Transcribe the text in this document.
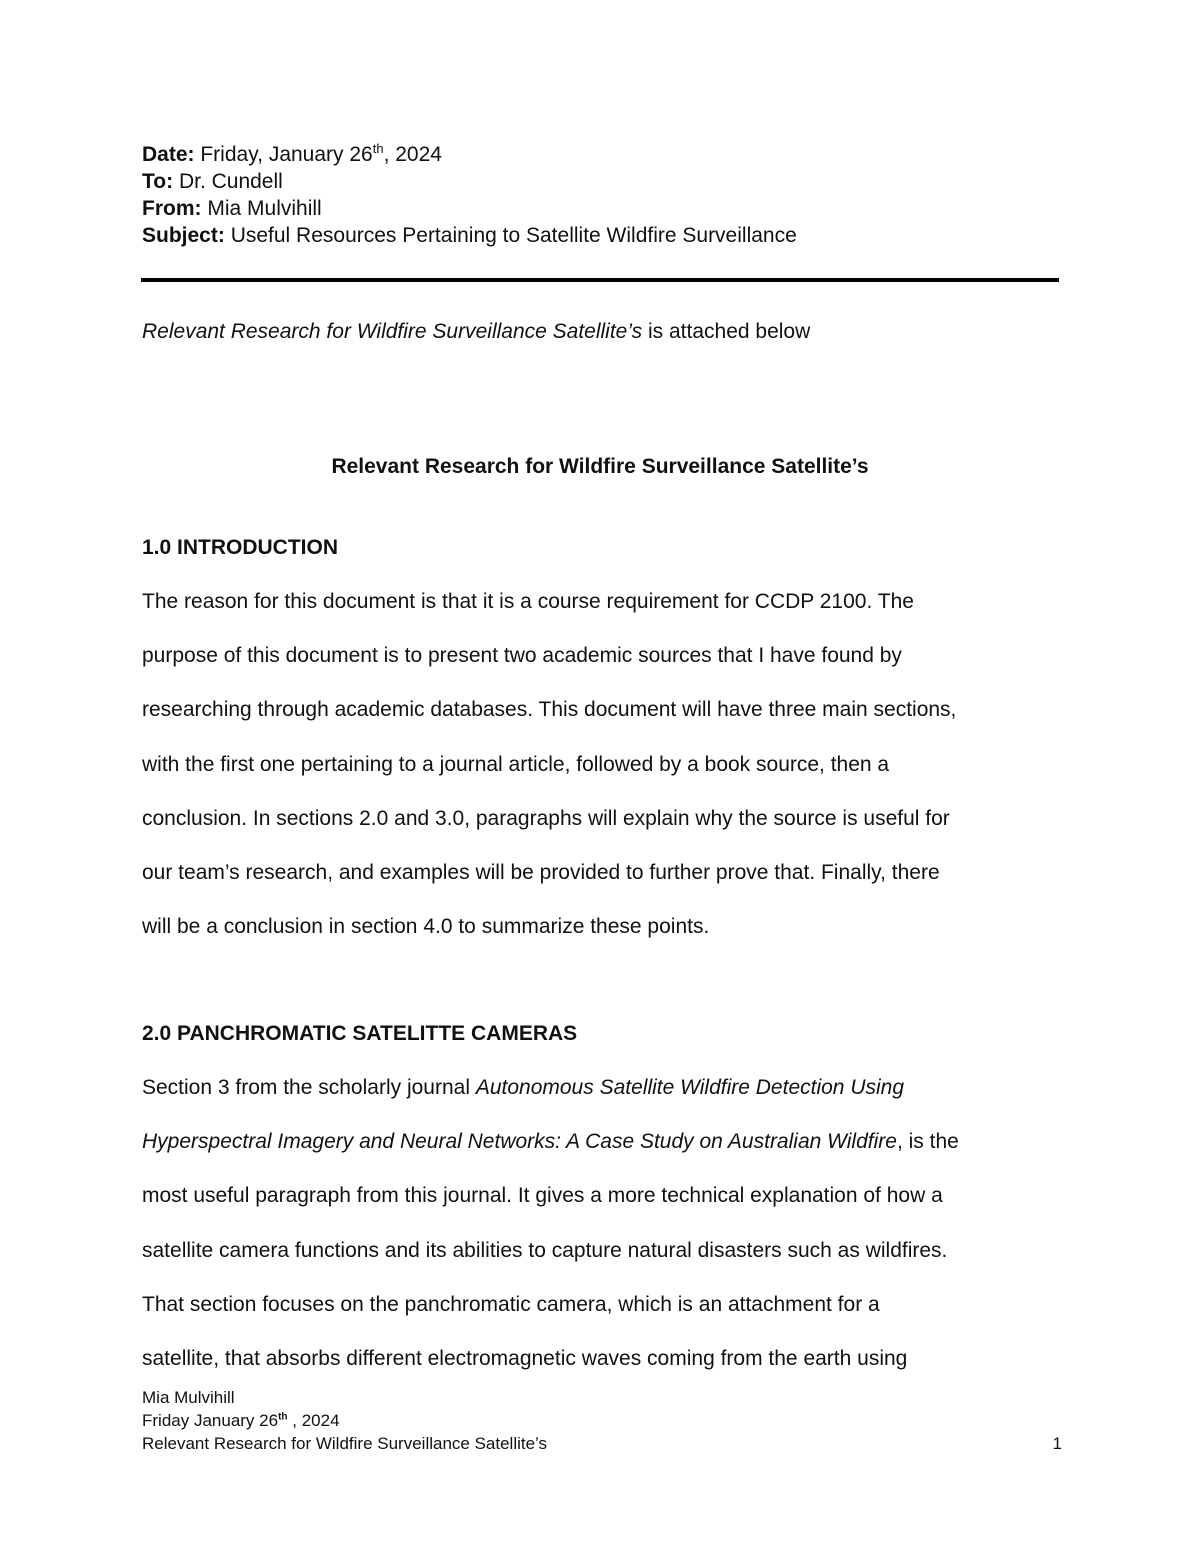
Date: Friday, January 26th, 2024
To: Dr. Cundell
From: Mia Mulvihill
Subject: Useful Resources Pertaining to Satellite Wildfire Surveillance
Relevant Research for Wildfire Surveillance Satellite’s is attached below
Relevant Research for Wildfire Surveillance Satellite’s
1.0 INTRODUCTION
The reason for this document is that it is a course requirement for CCDP 2100. The
purpose of this document is to present two academic sources that I have found by
researching through academic databases. This document will have three main sections,
with the first one pertaining to a journal article, followed by a book source, then a
conclusion. In sections 2.0 and 3.0, paragraphs will explain why the source is useful for
our team’s research, and examples will be provided to further prove that. Finally, there
will be a conclusion in section 4.0 to summarize these points.
2.0 PANCHROMATIC SATELITTE CAMERAS
Section 3 from the scholarly journal Autonomous Satellite Wildfire Detection Using
Hyperspectral Imagery and Neural Networks: A Case Study on Australian Wildfire, is the
most useful paragraph from this journal. It gives a more technical explanation of how a
satellite camera functions and its abilities to capture natural disasters such as wildfires.
That section focuses on the panchromatic camera, which is an attachment for a
satellite, that absorbs different electromagnetic waves coming from the earth using
Mia Mulvihill
Friday January 26th , 2024
Relevant Research for Wildfire Surveillance Satellite’s	1
